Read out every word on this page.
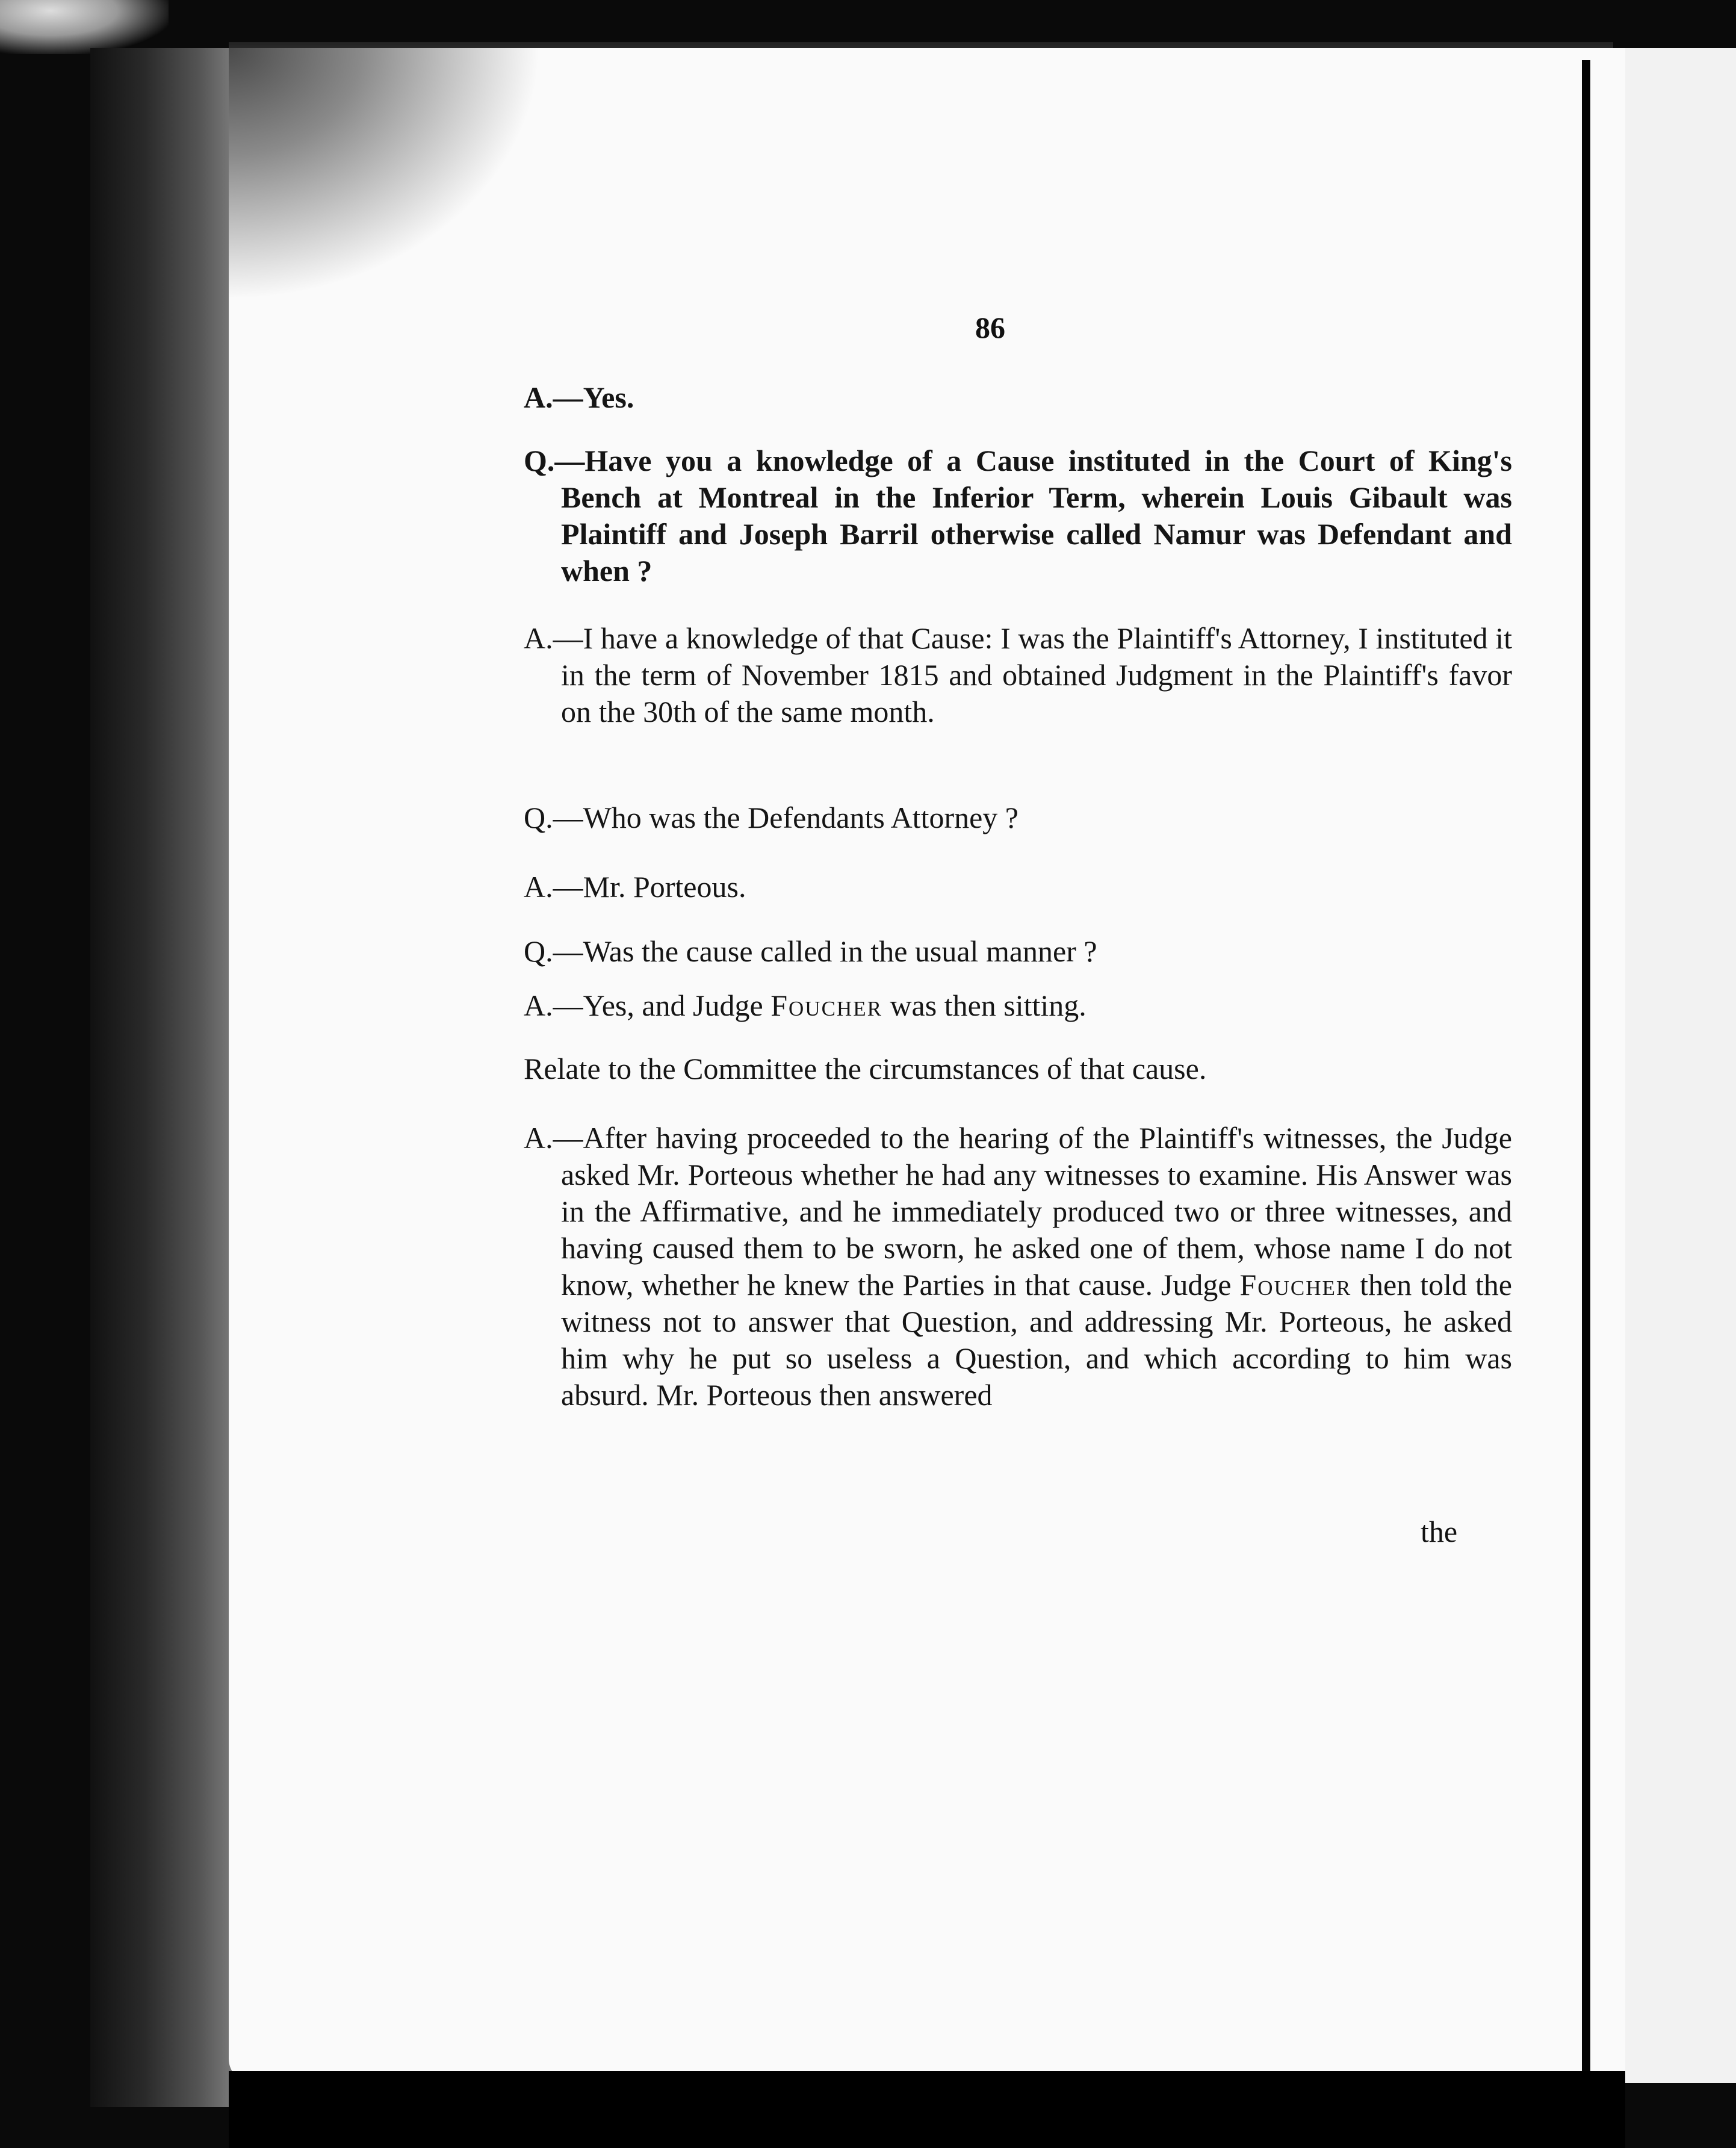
86

A.—Yes.

Q.—Have you a knowledge of a Cause instituted in the Court of King's Bench at Montreal in the Inferior Term, wherein Louis Gibault was Plaintiff and Joseph Barril otherwise called Namur was Defendant and when ?

A.—I have a knowledge of that Cause: I was the Plaintiff's Attorney, I instituted it in the term of November 1815 and obtained Judgment in the Plaintiff's favor on the 30th of the same month.

Q.—Who was the Defendants Attorney ?

A.—Mr. Porteous.

Q.—Was the cause called in the usual manner ?

A.—Yes, and Judge Foucher was then sitting.

Relate to the Committee the circumstances of that cause.

A.—After having proceeded to the hearing of the Plaintiff's witnesses, the Judge asked Mr. Porteous whether he had any witnesses to examine. His Answer was in the Affirmative, and he immediately produced two or three witnesses, and having caused them to be sworn, he asked one of them, whose name I do not know, whether he knew the Parties in that cause. Judge Foucher then told the witness not to answer that Question, and addressing Mr. Porteous, he asked him why he put so useless a Question, and which according to him was absurd. Mr. Porteous then answered

the
